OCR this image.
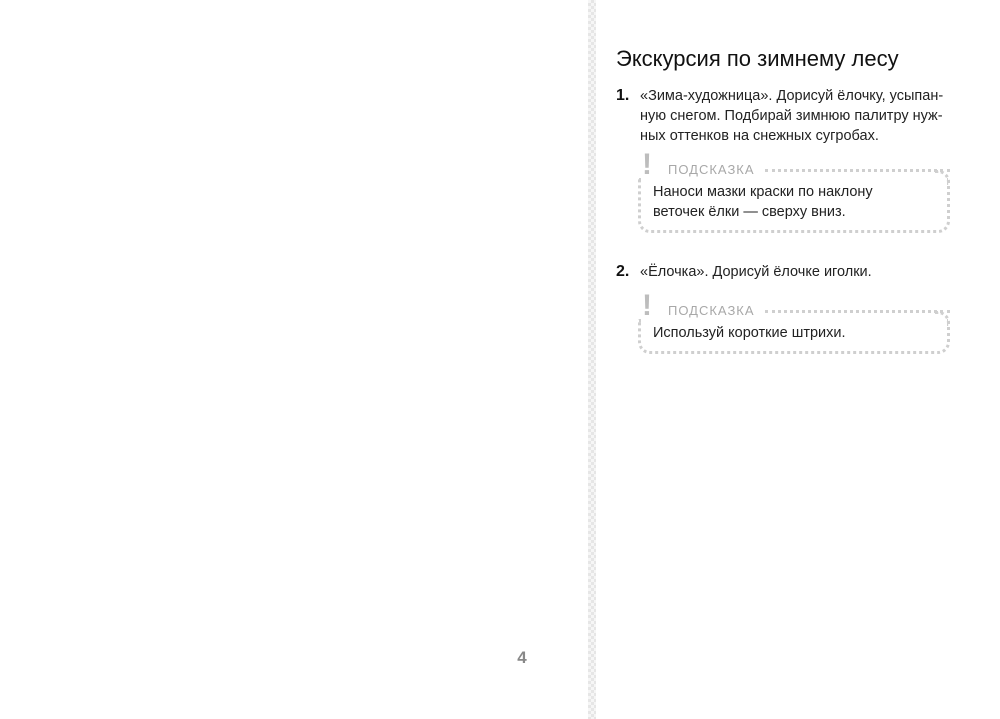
4
Экскурсия по зимнему лесу
1. «Зима-художница». Дорисуй ёлочку, усыпан-
ную снегом. Подбирай зимнюю палитру нуж-
ных оттенков на снежных сугробах.
! ПОДСКАЗКА
Наноси мазки краски по наклону
веточек ёлки — сверху вниз.
2. «Ёлочка». Дорисуй ёлочке иголки.
! ПОДСКАЗКА
Используй короткие штрихи.
